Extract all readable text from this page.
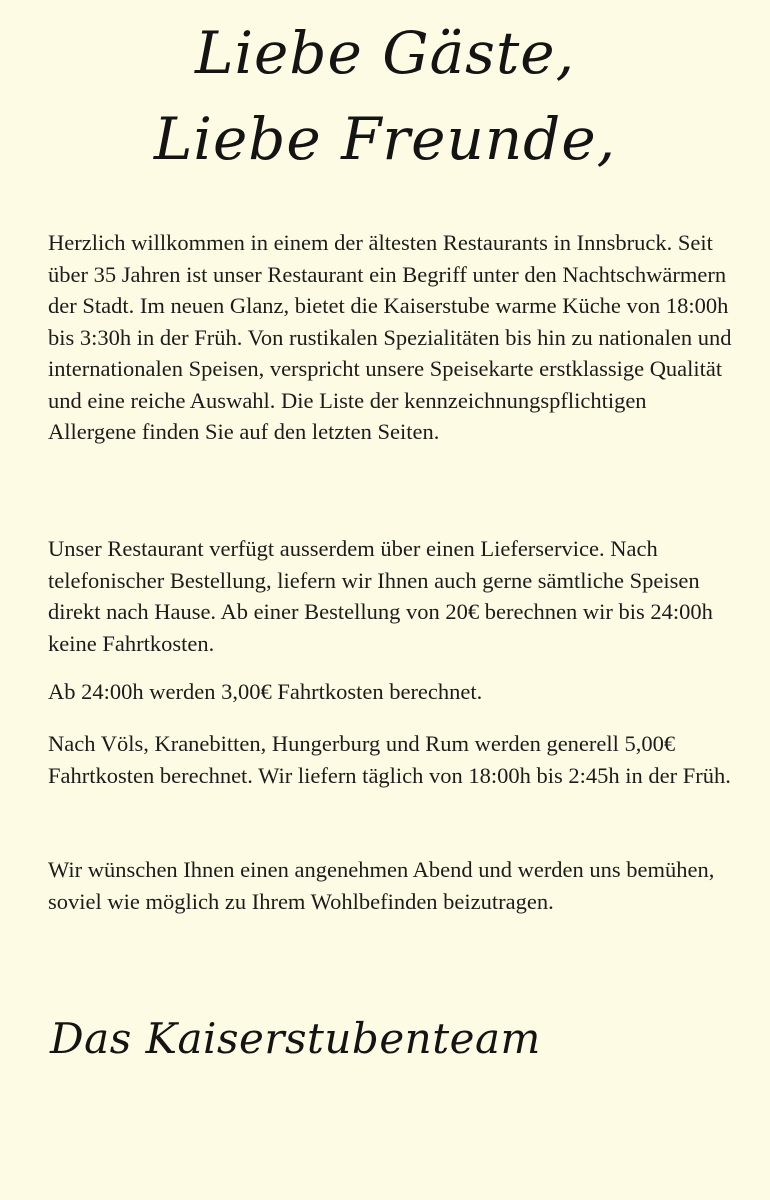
Liebe Gäste,
Liebe Freunde,

Herzlich willkommen in einem der ältesten Restaurants in Innsbruck. Seit über 35 Jahren ist unser Restaurant ein Begriff unter den Nachtschwärmern der Stadt. Im neuen Glanz, bietet die Kaiserstube warme Küche von 18:00h bis 3:30h in der Früh. Von rustikalen Spezialitäten bis hin zu nationalen und internationalen Speisen, verspricht unsere Speisekarte erstklassige Qualität und eine reiche Auswahl. Die Liste der kennzeichnungspflichtigen Allergene finden Sie auf den letzten Seiten.

Unser Restaurant verfügt ausserdem über einen Lieferservice. Nach telefonischer Bestellung, liefern wir Ihnen auch gerne sämtliche Speisen direkt nach Hause. Ab einer Bestellung von 20€ berechnen wir bis 24:00h keine Fahrtkosten.

Ab 24:00h werden 3,00€ Fahrtkosten berechnet.

Nach Völs, Kranebitten, Hungerburg und Rum werden generell 5,00€ Fahrtkosten berechnet. Wir liefern täglich von 18:00h bis 2:45h in der Früh.

Wir wünschen Ihnen einen angenehmen Abend und werden uns bemühen, soviel wie möglich zu Ihrem Wohlbefinden beizutragen.

Das Kaiserstubenteam
